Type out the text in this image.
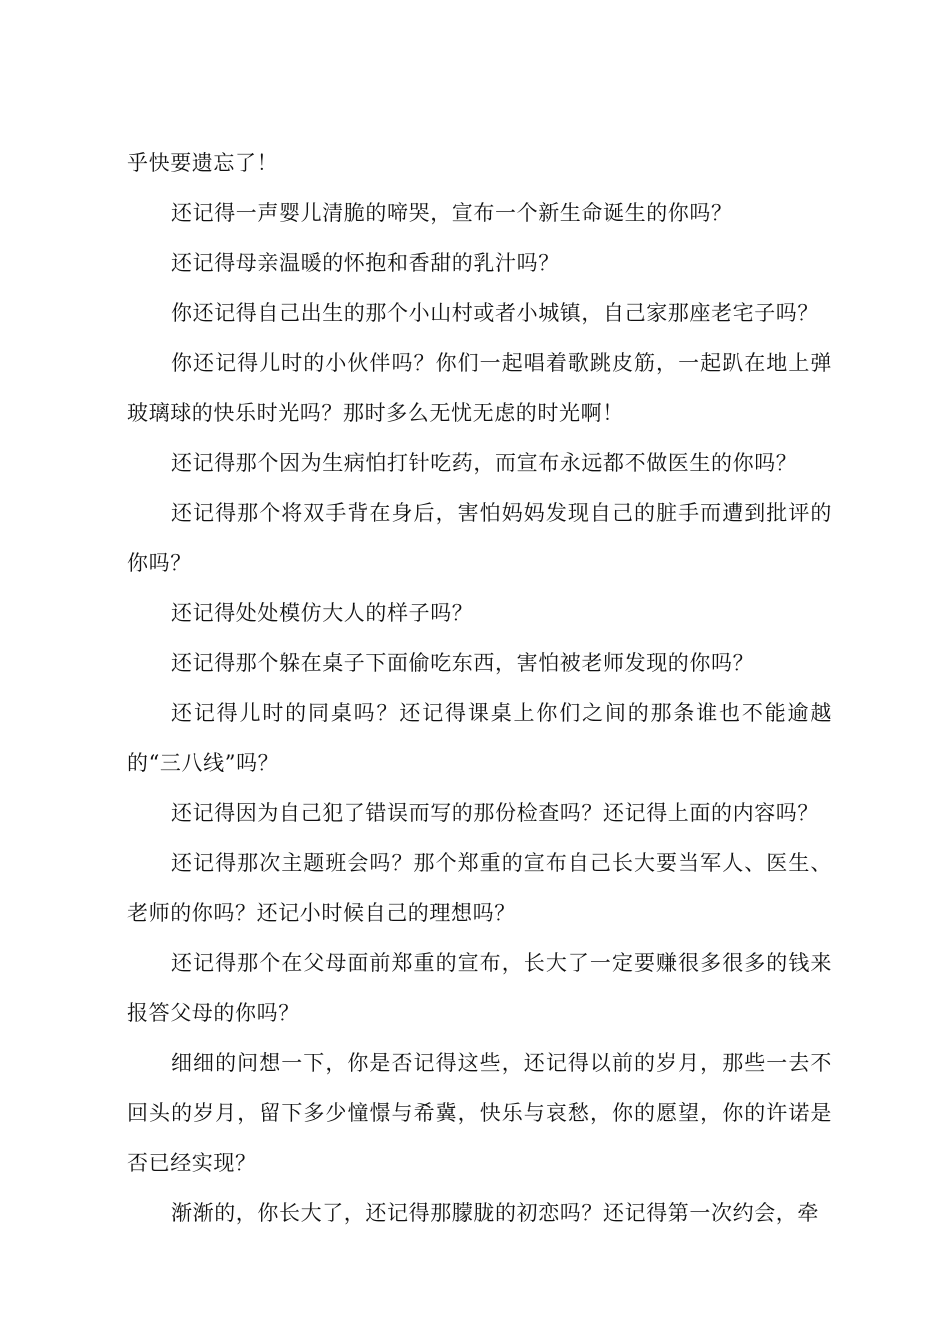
乎快要遗忘了！

还记得一声婴儿清脆的啼哭，宣布一个新生命诞生的你吗？

还记得母亲温暖的怀抱和香甜的乳汁吗？

你还记得自己出生的那个小山村或者小城镇，自己家那座老宅子吗？

你还记得儿时的小伙伴吗？你们一起唱着歌跳皮筋，一起趴在地上弹玻璃球的快乐时光吗？那时多么无忧无虑的时光啊！

还记得那个因为生病怕打针吃药，而宣布永远都不做医生的你吗？

还记得那个将双手背在身后，害怕妈妈发现自己的脏手而遭到批评的你吗？

还记得处处模仿大人的样子吗？

还记得那个躲在桌子下面偷吃东西，害怕被老师发现的你吗？

还记得儿时的同桌吗？还记得课桌上你们之间的那条谁也不能逾越的“三八线”吗？

还记得因为自己犯了错误而写的那份检查吗？还记得上面的内容吗？

还记得那次主题班会吗？那个郑重的宣布自己长大要当军人、医生、老师的你吗？还记小时候自己的理想吗？

还记得那个在父母面前郑重的宣布，长大了一定要赚很多很多的钱来报答父母的你吗？

细细的问想一下，你是否记得这些，还记得以前的岁月，那些一去不回头的岁月，留下多少憧憬与希冀，快乐与哀愁，你的愿望，你的许诺是否已经实现？

渐渐的，你长大了，还记得那朦胧的初恋吗？还记得第一次约会，牵
